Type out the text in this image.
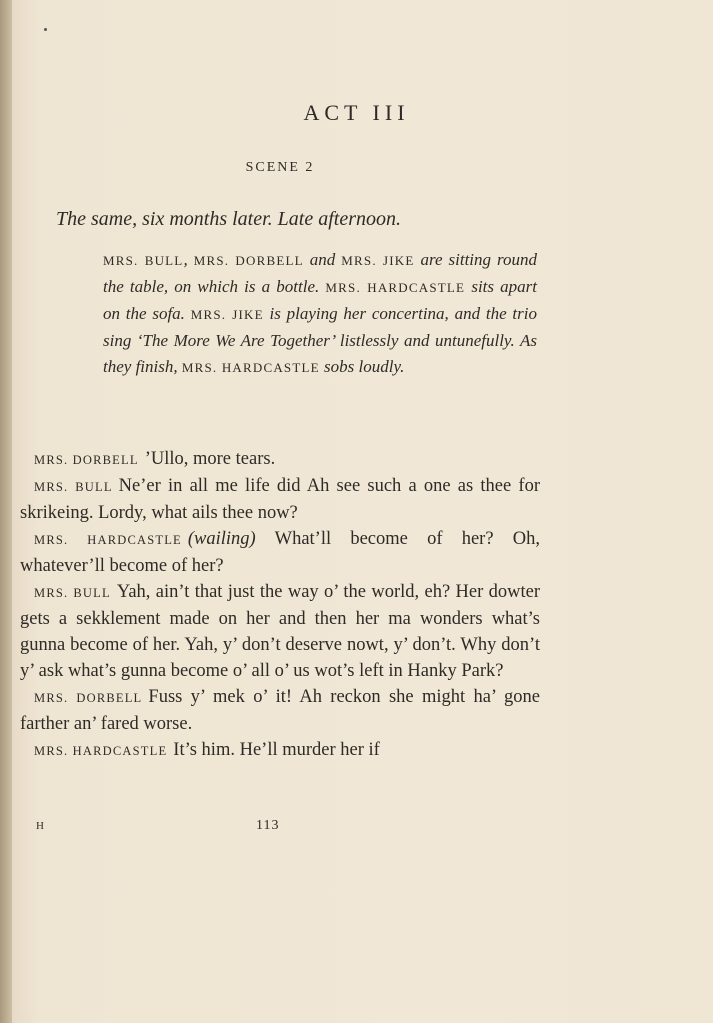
ACT III
SCENE 2
The same, six months later. Late afternoon.
MRS. BULL, MRS. DORBELL and MRS. JIKE are sitting round the table, on which is a bottle. MRS. HARDCASTLE sits apart on the sofa. MRS. JIKE is playing her concertina, and the trio sing ‘The More We Are Together’ listlessly and untunefully. As they finish, MRS. HARDCASTLE sobs loudly.

MRS. DORBELL ’Ullo, more tears.

MRS. BULL Ne’er in all me life did Ah see such a one as thee for skrikeing. Lordy, what ails thee now?

MRS. HARDCASTLE (wailing) What’ll become of her? Oh, whatever’ll become of her?

MRS. BULL Yah, ain’t that just the way o’ the world, eh? Her dowter gets a sekklement made on her and then her ma wonders what’s gunna become of her. Yah, y’ don’t deserve nowt, y’ don’t. Why don’t y’ ask what’s gunna become o’ all o’ us wot’s left in Hanky Park?

MRS. DORBELL Fuss y’ mek o’ it! Ah reckon she might ha’ gone farther an’ fared worse.

MRS. HARDCASTLE It’s him. He’ll murder her if

H	113
